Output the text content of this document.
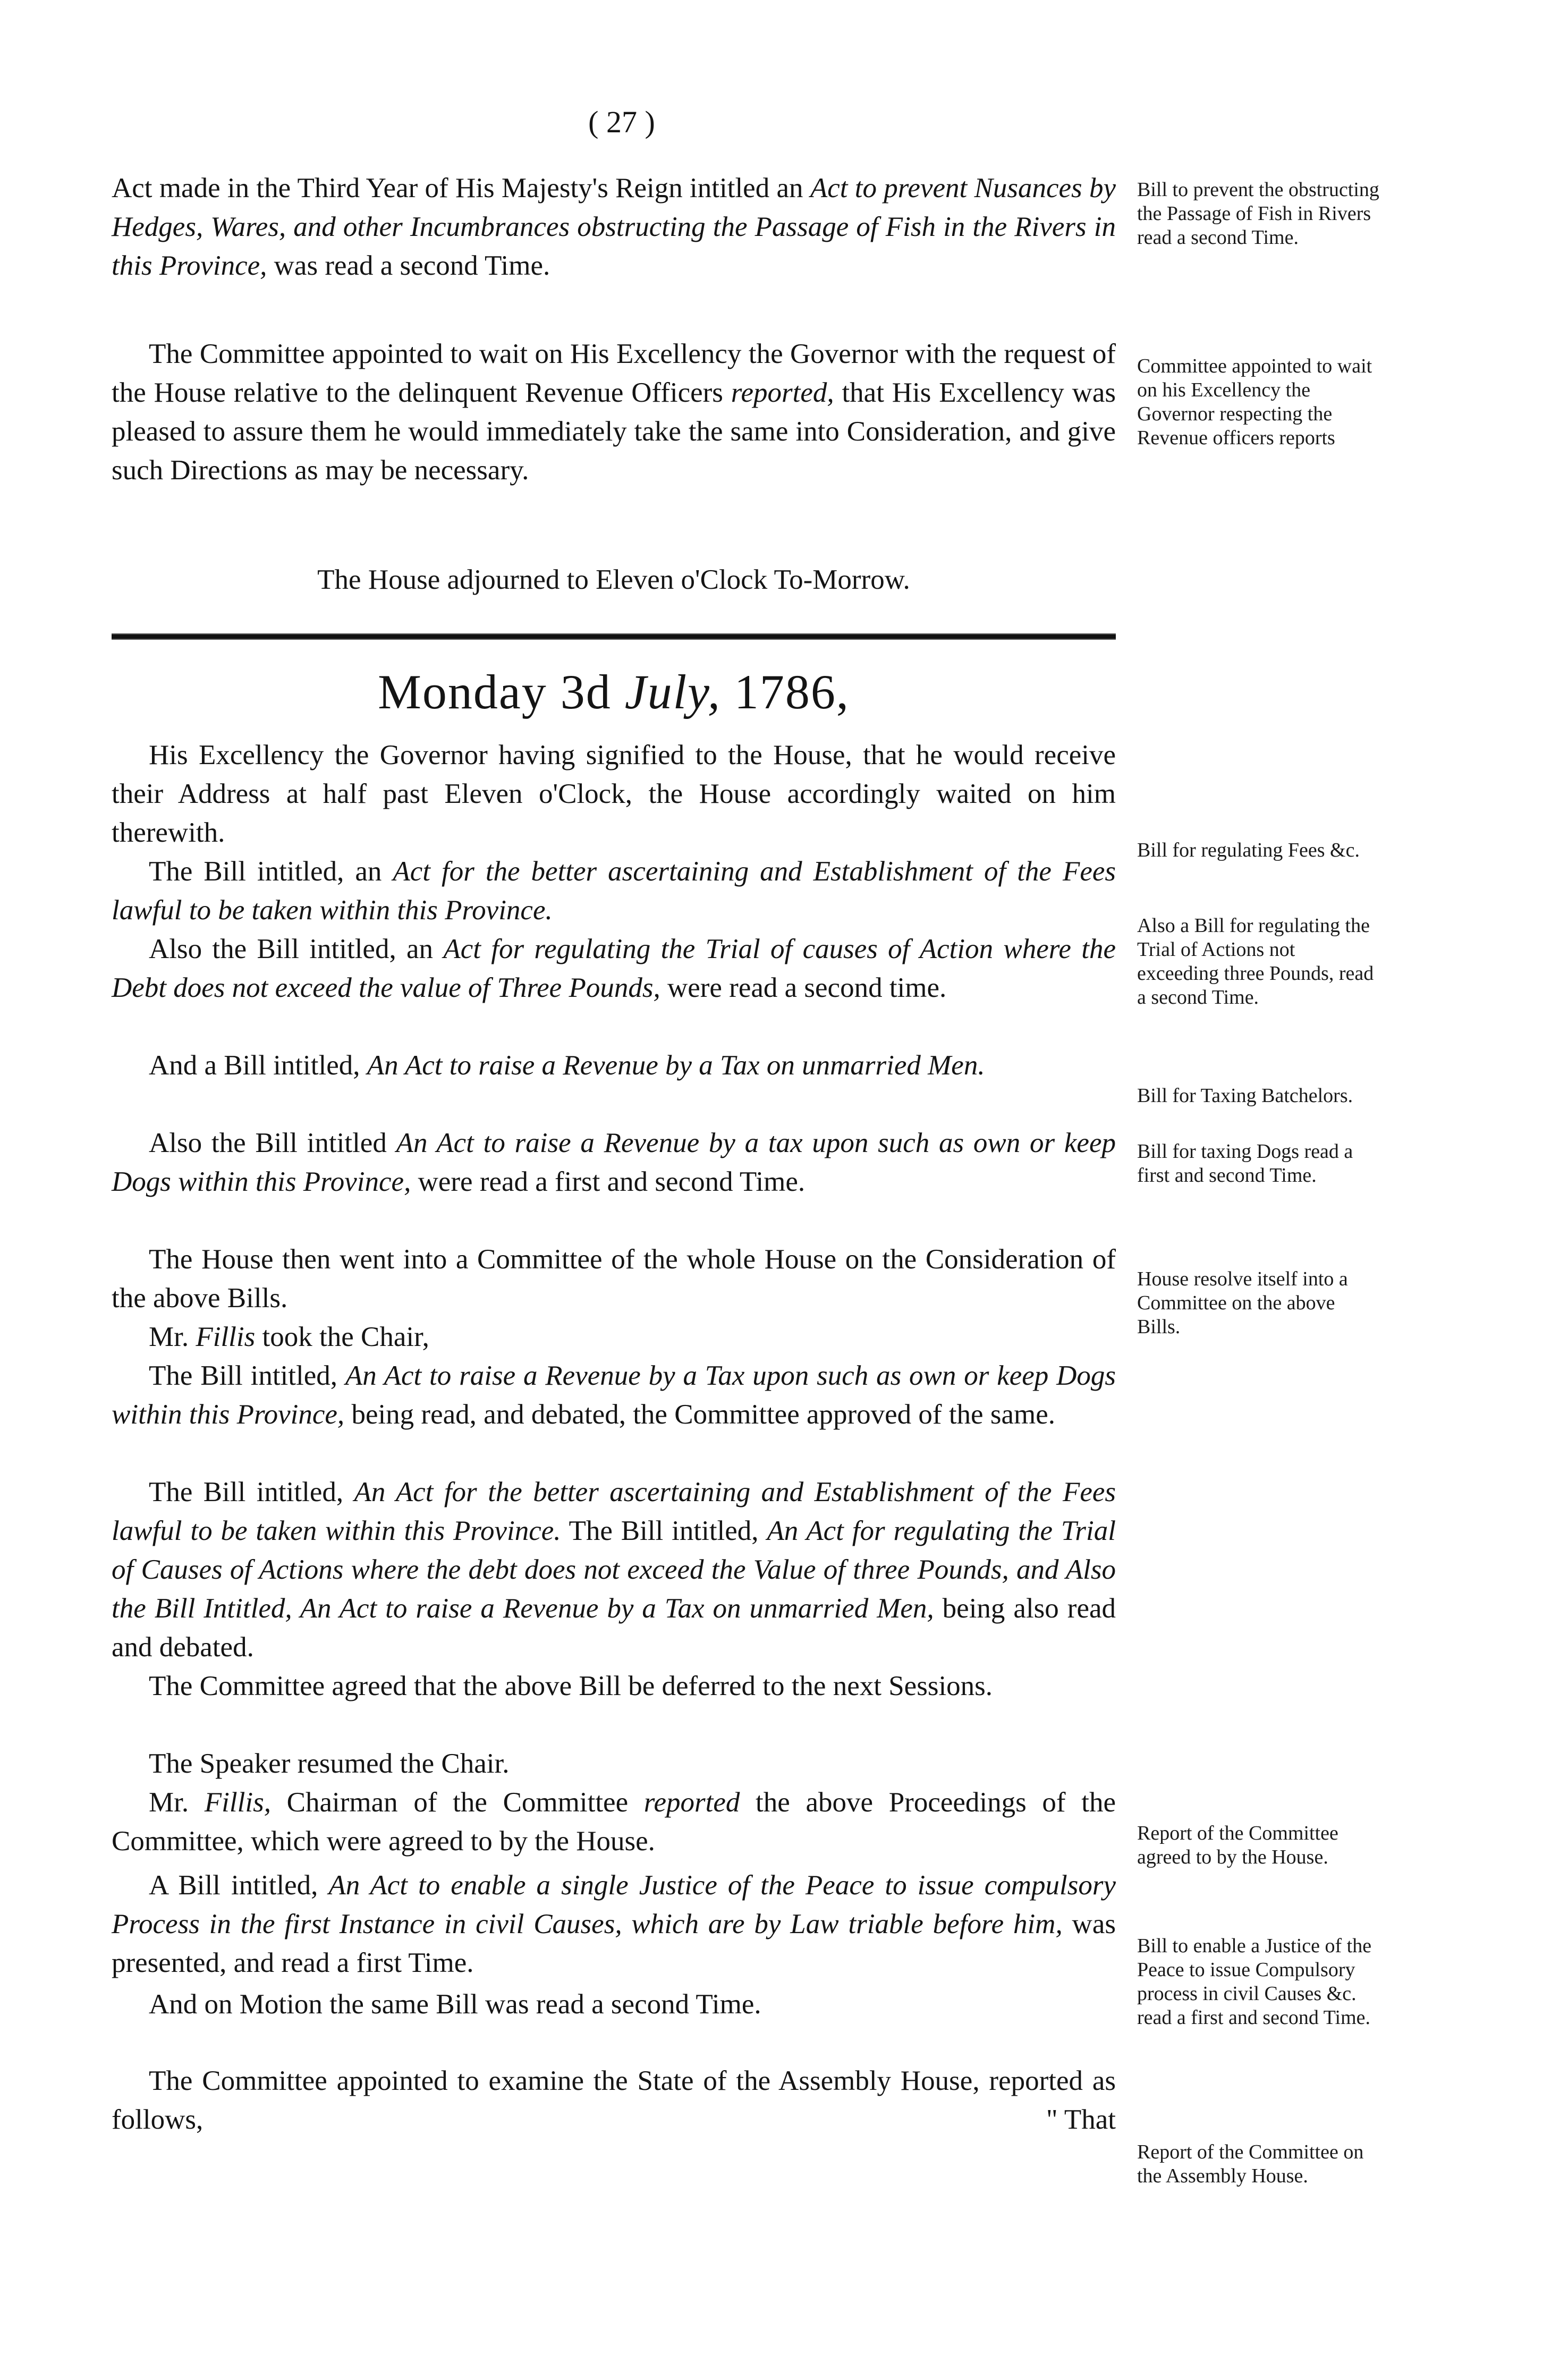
( 27 )
Act made in the Third Year of His Majesty's Reign intitled an Act to prevent Nusances by Hedges, Wares, and other Incumbrances obstructing the Passage of Fish in the Rivers in this Province, was read a second Time.
The Committee appointed to wait on His Excellency the Governor with the request of the House relative to the delinquent Revenue Officers reported, that His Excellency was pleased to assure them he would immediately take the same into Consideration, and give such Directions as may be necessary.
The House adjourned to Eleven o'Clock To-Morrow.
Monday 3d July, 1786,
His Excellency the Governor having signified to the House, that he would receive their Address at half past Eleven o'Clock, the House accordingly waited on him therewith.
The Bill intitled, an Act for the better ascertaining and Establishment of the Fees lawful to be taken within this Province.
Also the Bill intitled, an Act for regulating the Trial of causes of Action where the Debt does not exceed the value of Three Pounds, were read a second time.
And a Bill intitled, An Act to raise a Revenue by a Tax on unmarried Men.
Also the Bill intitled An Act to raise a Revenue by a tax upon such as own or keep Dogs within this Province, were read a first and second Time.
The House then went into a Committee of the whole House on the Consideration of the above Bills.
Mr. Fillis took the Chair,
The Bill intitled, An Act to raise a Revenue by a Tax upon such as own or keep Dogs within this Province, being read, and debated, the Committee approved of the same.
The Bill intitled, An Act for the better ascertaining and Establishment of the Fees lawful to be taken within this Province. The Bill intitled, An Act for regulating the Trial of Causes of Actions where the debt does not exceed the Value of three Pounds, and Also the Bill Intitled, An Act to raise a Revenue by a Tax on unmarried Men, being also read and debated.
The Committee agreed that the above Bill be deferred to the next Sessions.
The Speaker resumed the Chair.
Mr. Fillis, Chairman of the Committee reported the above Proceedings of the Committee, which were agreed to by the House.
A Bill intitled, An Act to enable a single Justice of the Peace to issue compulsory Process in the first Instance in civil Causes, which are by Law triable before him, was presented, and read a first Time.
And on Motion the same Bill was read a second Time.
The Committee appointed to examine the State of the Assembly House, reported as follows,	" That
Bill to prevent the obstructing the Passage of Fish in Rivers read a second Time.
Committee appointed to wait on his Excellency the Governor respecting the Revenue officers reports
Bill for regulating Fees &c.
Also a Bill for regulating the Trial of Actions not exceeding three Pounds, read a second Time.
Bill for Taxing Batchelors.
Bill for taxing Dogs read a first and second Time.
House resolve itself into a Committee on the above Bills.
Report of the Committee agreed to by the House.
Bill to enable a Justice of the Peace to issue Compulsory process in civil Causes &c. read a first and second Time.
Report of the Committee on the Assembly House.
